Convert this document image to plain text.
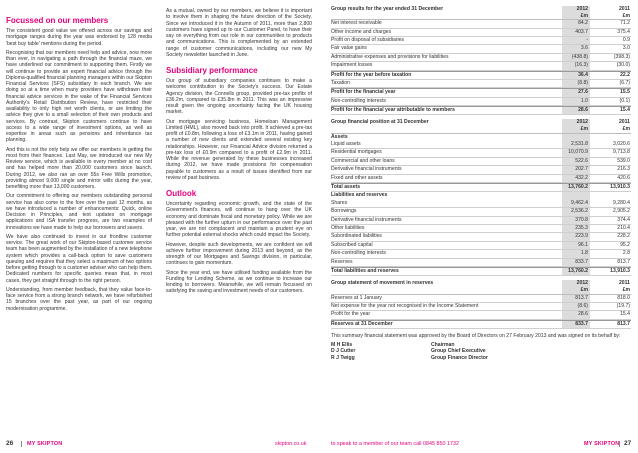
Focussed on our members

The consistent good value we offered across our savings and mortgage ranges during the year was endorsed by 128 media 'best buy table' mentions during the period.

Recognising that our members need help and advice, now more than ever, in navigating a path through the financial maze, we have underlined our commitment to supporting them. Firstly we will continue to provide an expert financial advice through the Diploma-qualified financial planning managers within our Skipton Financial Services (SFS) subsidiary in each branch. We are doing so at a time when many providers have withdrawn their financial advice services in the wake of the Financial Services Authority's Retail Distribution Review, have restricted their availability to only high net worth clients, or are limiting the advice they give to a small selection of their own products and services. By contrast, Skipton customers continue to have access to a wide range of investment options, as well as expertise in areas such as pensions and inheritance tax planning.

And this is not the only help we offer our members in getting the most from their finances. Last May, we introduced our new My Review service, which is available to every member at no cost and has helped more than 20,000 customers since launch. During 2012, we also ran an over 55s Free Wills promotion, providing almost 9,000 single and mirror wills during the year, benefiting more than 13,000 customers.

Our commitment to offering our members outstanding personal service has also come to the fore over the past 12 months, as we have introduced a number of enhancements: Quick, online Decision in Principles, and text updates on mortgage applications and ISA transfer progress, are two examples of innovations we have made to help our borrowers and savers.

We have also continued to invest in our frontline customer service. The great work of our Skipton-based customer service team has been augmented by the installation of a new telephone system which provides a call-back option to save customers queuing and requires that they select a maximum of two options before getting through to a customer adviser who can help them. Dedicated numbers for specific queries mean that, in most cases, they get straight through to the right person.

Understanding, from member feedback, that they value face-to-face service from a strong branch network, we have refurbished 15 branches over the past year, as part of our ongoing modernisation programme.

As a mutual, owned by our members, we believe it is important to involve them in shaping the future direction of the Society. Since we introduced it in the Autumn of 2011, more than 2,800 customers have signed up to our Customer Panel, to have their say on everything from our role in our communities to products and communications. This is complemented by an extended range of customer communications, including our new My Society newsletter launched in June.

Subsidiary performance

Our group of subsidiary companies continues to make a welcome contribution to the Society's success. Our Estate Agency division, the Connells group, provided pre-tax profits of £36.2m, compared to £35.8m in 2011. This was an impressive result given the ongoing uncertainty facing the UK housing market.

Our mortgage servicing business, Homeloan Management Limited (HML), also moved back into profit. It achieved a pre-tax profit of £0.8m, following a loss of £3.1m in 2011, having gained a number of new clients and extended several existing key relationships. However, our Financial Advice division returned a pre-tax loss of £0.9m compared to a profit of £2.9m in 2011. While the revenue generated by these businesses increased during 2012, we have made provisions for compensation payable to customers as a result of issues identified from our review of past business.

Outlook

Uncertainty regarding economic growth, and the state of the Government's finances, will continue to hang over the UK economy and dominate fiscal and monetary policy. While we are pleased with the further upturn in our performance over the past year, we are not complacent and maintain a prudent eye on further potential external shocks which could impact the Society.

However, despite such developments, we are confident we will achieve further improvement during 2013 and beyond, as the strength of our Mortgages and Savings division, in particular, continues to gain momentum.

Since the year end, we have utilised funding available from the Funding for Lending Scheme, as we continue to increase our lending to borrowers. Meanwhile, we will remain focussed on satisfying the saving and investment needs of our customers.

Group results for the year ended 31 December	2012
£m
2011
£m
Net interest receivable	84.2	71.2
Other income and charges	403.7	375.4
Profit on disposal of subsidiaries	-	0.9
Fair value gains	3.6	3.0
Administrative expenses and provisions for liabilities	(438.8)	(398.3)
Impairment losses	(16.3)	(30.0)
Profit for the year before taxation	36.4	22.2
Taxation	(8.8)	(6.7)
Profit for the financial year	27.6	15.5
Non-controlling interests	1.0	(0.1)
Profit for the financial year attributable to members	28.6	15.4
Group financial position at 31 December	2012
£m
2011
£m
Assets
Liquid assets	2,531.8	3,020.6
Residential mortgages	10,070.9	9,713.8
Commercial and other loans	522.6	539.0
Derivative financial instruments	202.7	216.3
Fixed and other assets	432.2	420.6
Total assets	13,760.2	13,910.3
Liabilities and reserves
Shares	9,462.4	9,280.4
Borrowings	2,536.2	2,905.2
Derivative financial instruments	370.8	374.4
Other liabilities	235.3	210.4
Subordinated liabilities	223.9	228.2
Subscribed capital	96.1	95.2
Non-controlling interests	1.8	2.8
Reserves	833.7	813.7
Total liabilities and reserves	13,760.2	13,910.3
Group statement of movement in reserves	2012
£m
2011
£m
Reserves at 1 January	813.7	818.0
Net expense for the year not recognised in the Income Statement	(8.6)	(19.7)
Profit for the year	28.6	15.4
Reserves at 31 December	833.7	813.7
This summary financial statement was approved by the Board of Directors on 27 February 2013 and was signed on its behalf by:
M H Ellis	Chairman
D J Cutter	Group Chief Executive
R J Twigg	Group Finance Director
26	MY SKIPTON	skipton.co.uk	to speak to a member of our team call 0845 850 1732	MY SKIPTON 27
